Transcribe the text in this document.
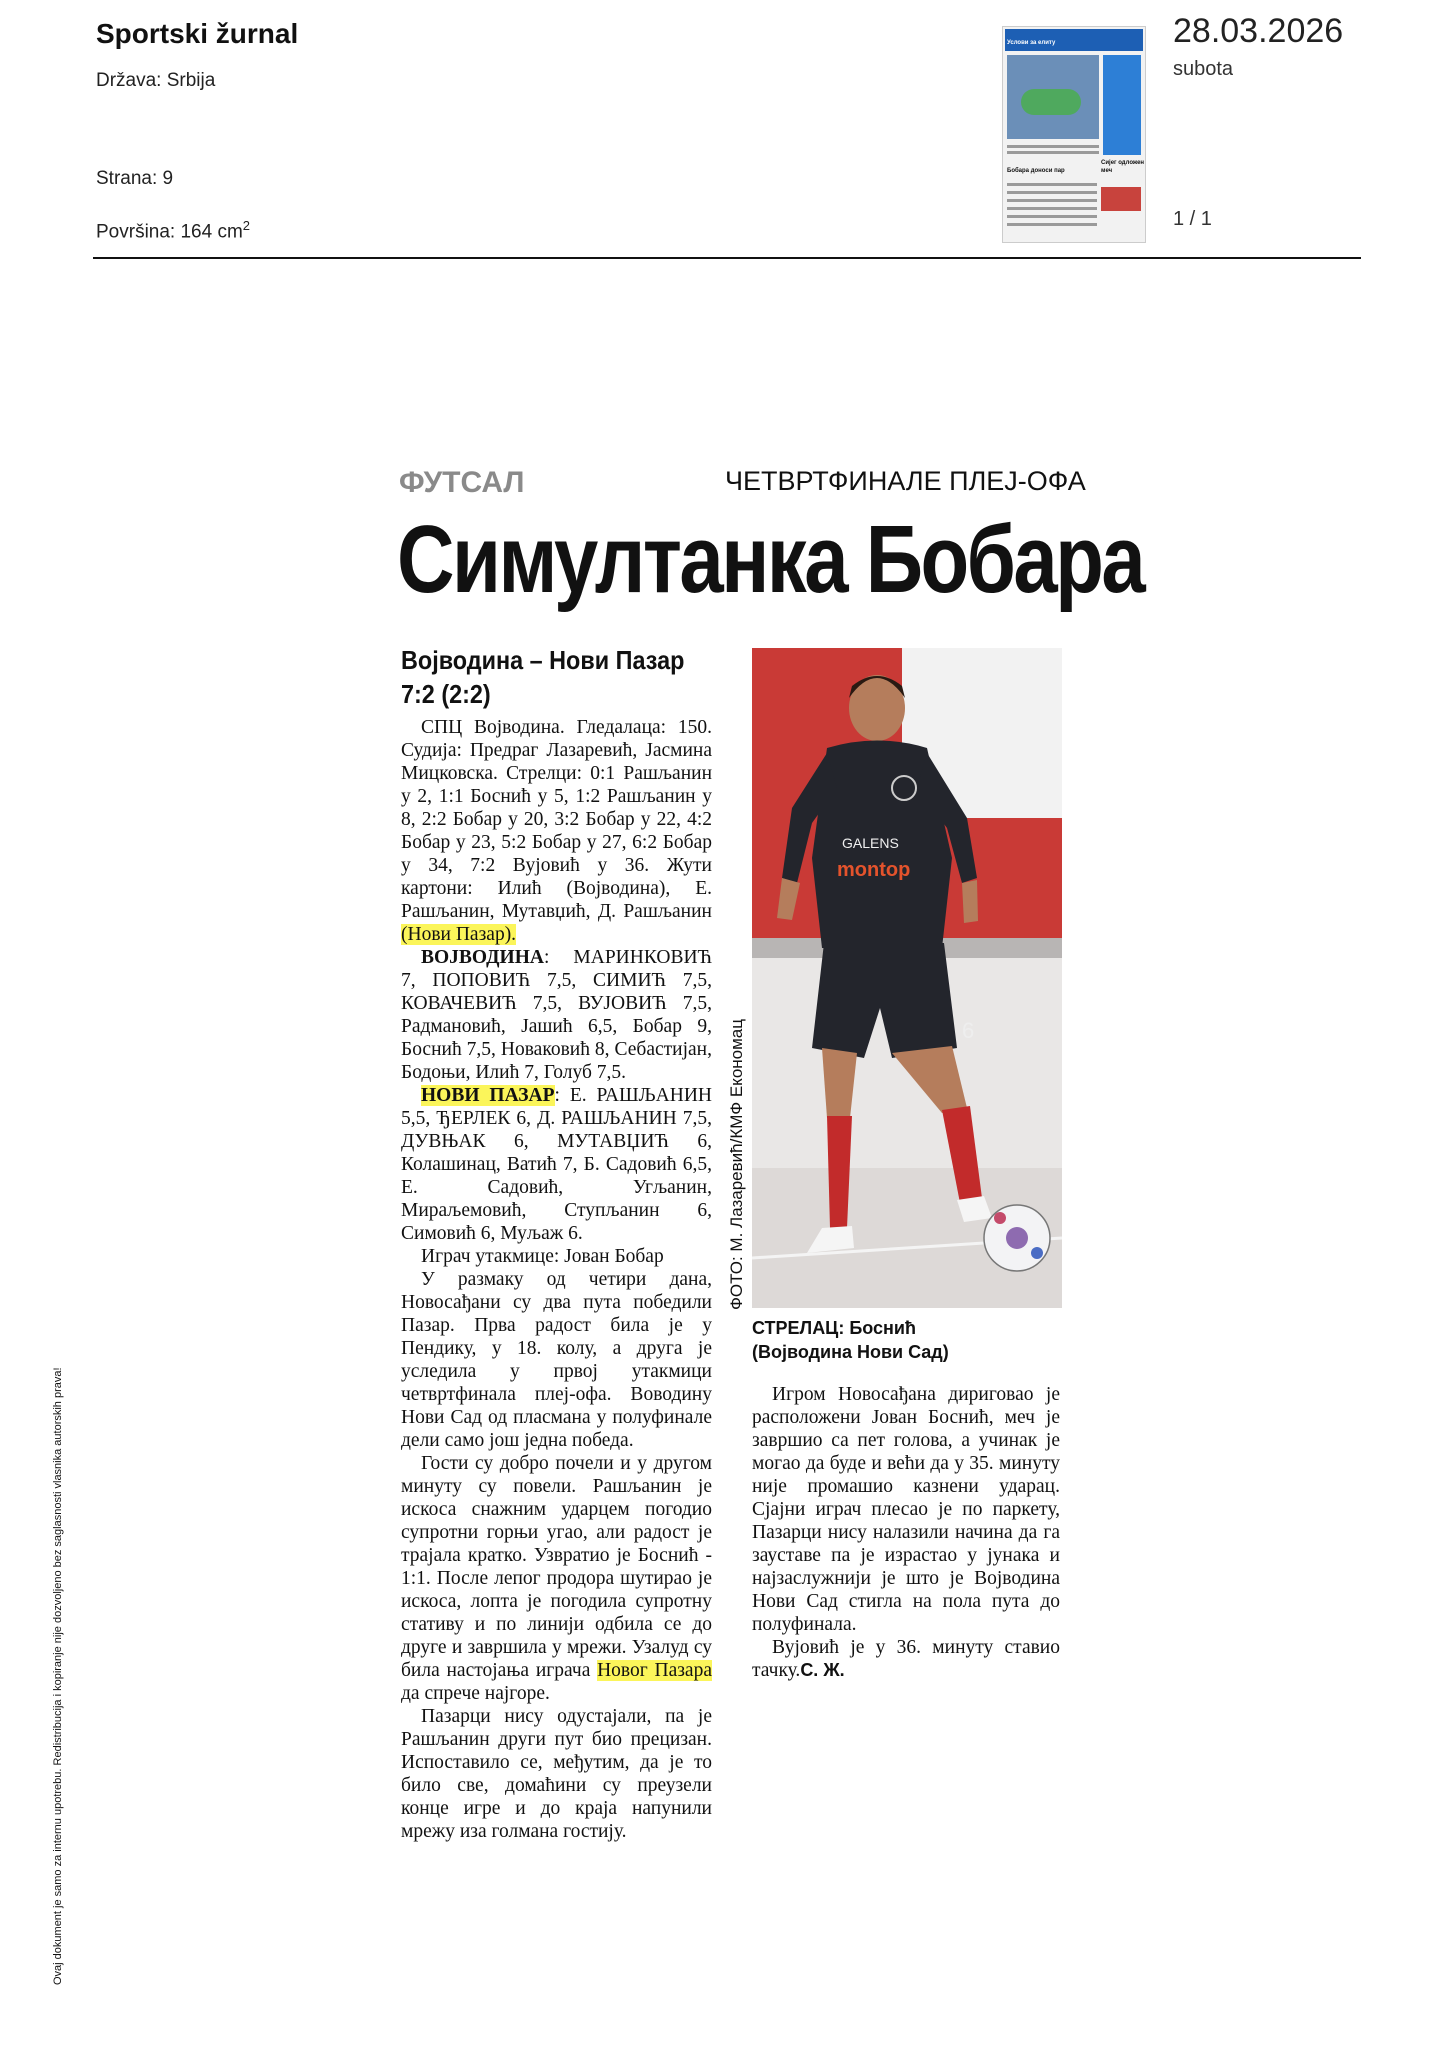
Sportski žurnal
Država: Srbija
Strana: 9
Površina: 164 $cm^2$
28.03.2026
subota
1 / 1
Услови за елиту
Бобара доноси пар
Сијег одложен меч
ФУТСАЛ	ЧЕТВРТФИНАЛЕ ПЛЕЈ-ОФА
Симултанка Бобара
Војводина – Нови Пазар
7:2 (2:2)

СПЦ Војводина. Гледалаца: 150. Судија: Предраг Лазаревић, Јасмина Мицковска. Стрелци: 0:1 Рашљанин у 2, 1:1 Боснић у 5, 1:2 Рашљанин у 8, 2:2 Бобар у 20, 3:2 Бобар у 22, 4:2 Бобар у 23, 5:2 Бобар у 27, 6:2 Бобар у 34, 7:2 Вујовић у 36. Жути картони: Илић (Војводина), Е. Рашљанин, Мутавџић, Д. Рашљанин (Нови Пазар).

ВОЈВОДИНА: МАРИНКОВИЋ 7, ПОПОВИЋ 7,5, СИМИЋ 7,5, КОВАЧЕВИЋ 7,5, ВУЈОВИЋ 7,5, Радмановић, Јашић 6,5, Бобар 9, Боснић 7,5, Новаковић 8, Себастијан, Бодоњи, Илић 7, Голуб 7,5.

НОВИ ПАЗАР: Е. РАШЉАНИН 5,5, ЂЕРЛЕК 6, Д. РАШЉАНИН 7,5, ДУВЊАК 6, МУТАВЏИЋ 6, Колашинац, Ватић 7, Б. Садовић 6,5, Е. Садовић, Угљанин, Мираљемовић, Ступљанин 6, Симовић 6, Муљаж 6.

Играч утакмице: Јован Бобар

У размаку од четири дана, Новосађани су два пута победили Пазар. Прва радост била је у Пендику, у 18. колу, а друга је уследила у првој утакмици четвртфинала плеј-офа. Воводину Нови Сад од пласмана у полуфинале дели само још једна победа.

Гости су добро почели и у другом минуту су повели. Рашљанин је искоса снажним ударцем погодио супротни горњи угао, али радост је трајала кратко. Узвратио је Боснић - 1:1. После лепог продора шутирао је искоса, лопта је погодила супротну стативу и по линији одбила се до друге и завршила у мрежи. Узалуд су била настојања играча Новог Пазара да спрече најгоре.

Пазарци нису одустајали, па је Рашљанин други пут био прецизан. Испоставило се, међутим, да је то било све, домаћини су преузели конце игре и до краја напунили мрежу иза голмана гостију.

GALENS
montop
6
ФОТО: М. Лазаревић/КМФ Економац
СТРЕЛАЦ: Боснић
(Војводина Нови Сад)

Игром Новосађана дириговао је расположени Јован Боснић, меч је завршио са пет голова, а учинак је могао да буде и већи да у 35. минуту није промашио казнени ударац. Сјајни играч плесао је по паркету, Пазарци нису налазили начина да га зауставе па је израстао у јунака и најзаслужнији је што је Војводина Нови Сад стигла на пола пута до полуфинала.

Вујовић је у 36. минуту ставио тачку.С. Ж.

Ovaj dokument je samo za internu upotrebu. Redistribucija i kopiranje nije dozvoljeno bez saglasnosti vlasnika autorskih prava!
